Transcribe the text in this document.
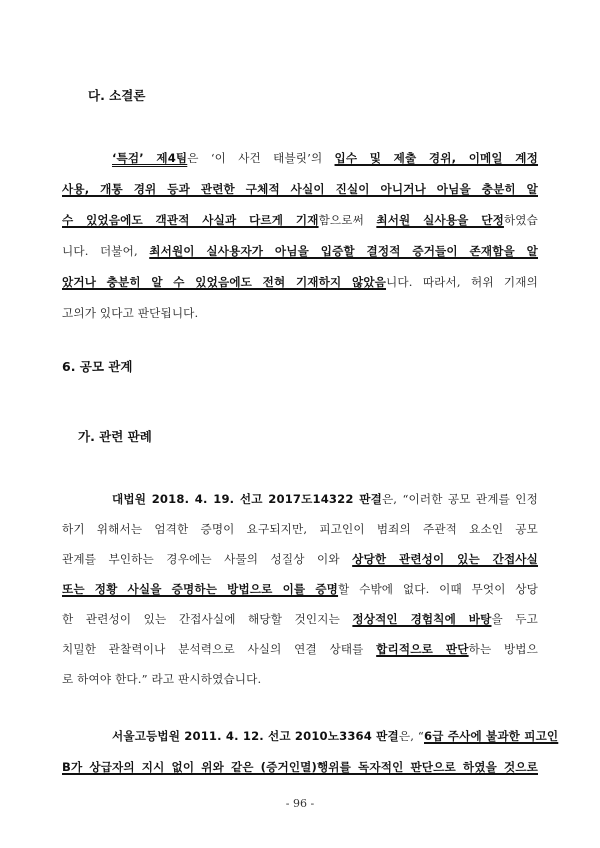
다. 소결론
‘특검’ 제4팀은 ‘이 사건 태블릿’의 입수 및 제출 경위, 이메일 계정
사용, 개통 경위 등과 관련한 구체적 사실이 진실이 아니거나 아님을 충분히 알
수 있었음에도 객관적 사실과 다르게 기재함으로써 최서원 실사용을 단정하였습
니다. 더불어, 최서원이 실사용자가 아님을 입증할 결정적 증거들이 존재함을 알
았거나 충분히 알 수 있었음에도 전혀 기재하지 않았음니다. 따라서, 허위 기재의
고의가 있다고 판단됩니다.
6. 공모 관계
가. 관련 판례
대법원 2018. 4. 19. 선고 2017도14322 판결은, “이러한 공모 관계를 인정
하기 위해서는 엄격한 증명이 요구되지만, 피고인이 범죄의 주관적 요소인 공모
관계를 부인하는 경우에는 사물의 성질상 이와 상당한 관련성이 있는 간접사실
또는 정황 사실을 증명하는 방법으로 이를 증명할 수밖에 없다. 이때 무엇이 상당
한 관련성이 있는 간접사실에 해당할 것인지는 정상적인 경험칙에 바탕을 두고
치밀한 관찰력이나 분석력으로 사실의 연결 상태를 합리적으로 판단하는 방법으
로 하여야 한다.” 라고 판시하였습니다.
서울고등법원 2011. 4. 12. 선고 2010노3364 판결은, “6급 주사에 불과한 피고인
B가 상급자의 지시 없이 위와 같은 (증거인멸)행위를 독자적인 판단으로 하였을 것으로
- 96 -
